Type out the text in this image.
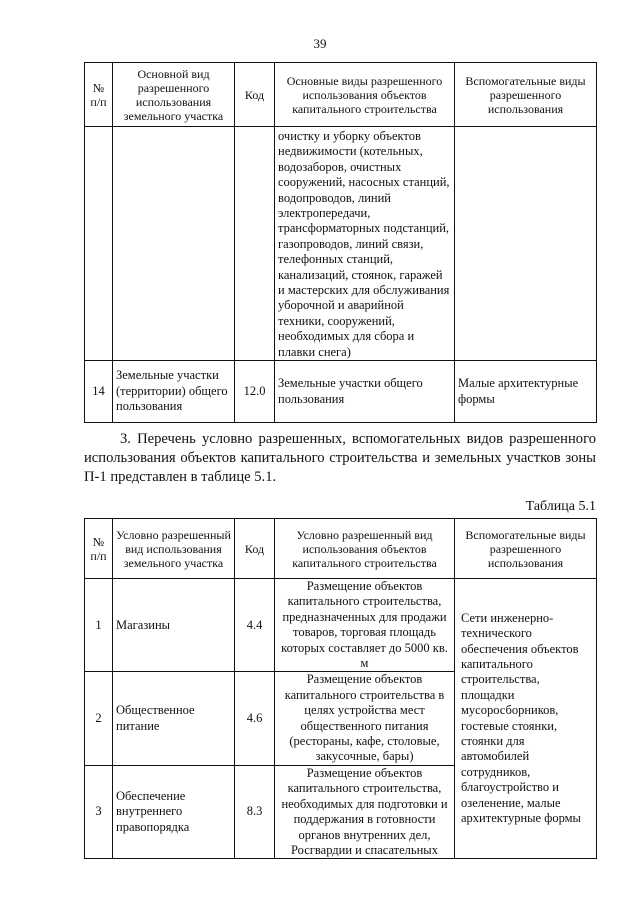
39
№ п/п	Основной вид разрешенного использования земельного участка	Код	Основные виды разрешенного использования объектов капитального строительства	Вспомогательные виды разрешенного использования
			очистку и уборку объектов недвижимости (котельных, водозаборов, очистных сооружений, насосных станций, водопроводов, линий электропередачи, трансформаторных подстанций, газопроводов, линий связи, телефонных станций, канализаций, стоянок, гаражей и мастерских для обслуживания уборочной и аварийной техники, сооружений, необходимых для сбора и плавки снега)	
14	Земельные участки (территории) общего пользования	12.0	Земельные участки общего пользования	Малые архитектурные формы

3. Перечень условно разрешенных, вспомогательных видов разрешенного использования объектов капитального строительства и земельных участков зоны П-1 представлен в таблице 5.1.

Таблица 5.1
№ п/п	Условно разрешенный вид использования земельного участка	Код	Условно разрешенный вид использования объектов капитального строительства	Вспомогательные виды разрешенного использования
1	Магазины	4.4	Размещение объектов капитального строительства, предназначенных для продажи товаров, торговая площадь которых составляет до 5000 кв. м	Сети инженерно-технического обеспечения объектов капитального строительства, площадки мусоросборников, гостевые стоянки, стоянки для автомобилей сотрудников, благоустройство и озеленение, малые архитектурные формы
2	Общественное питание	4.6	Размещение объектов капитального строительства в целях устройства мест общественного питания (рестораны, кафе, столовые, закусочные, бары)	
3	Обеспечение внутреннего правопорядка	8.3	Размещение объектов капитального строительства, необходимых для подготовки и поддержания в готовности органов внутренних дел, Росгвардии и спасательных	
